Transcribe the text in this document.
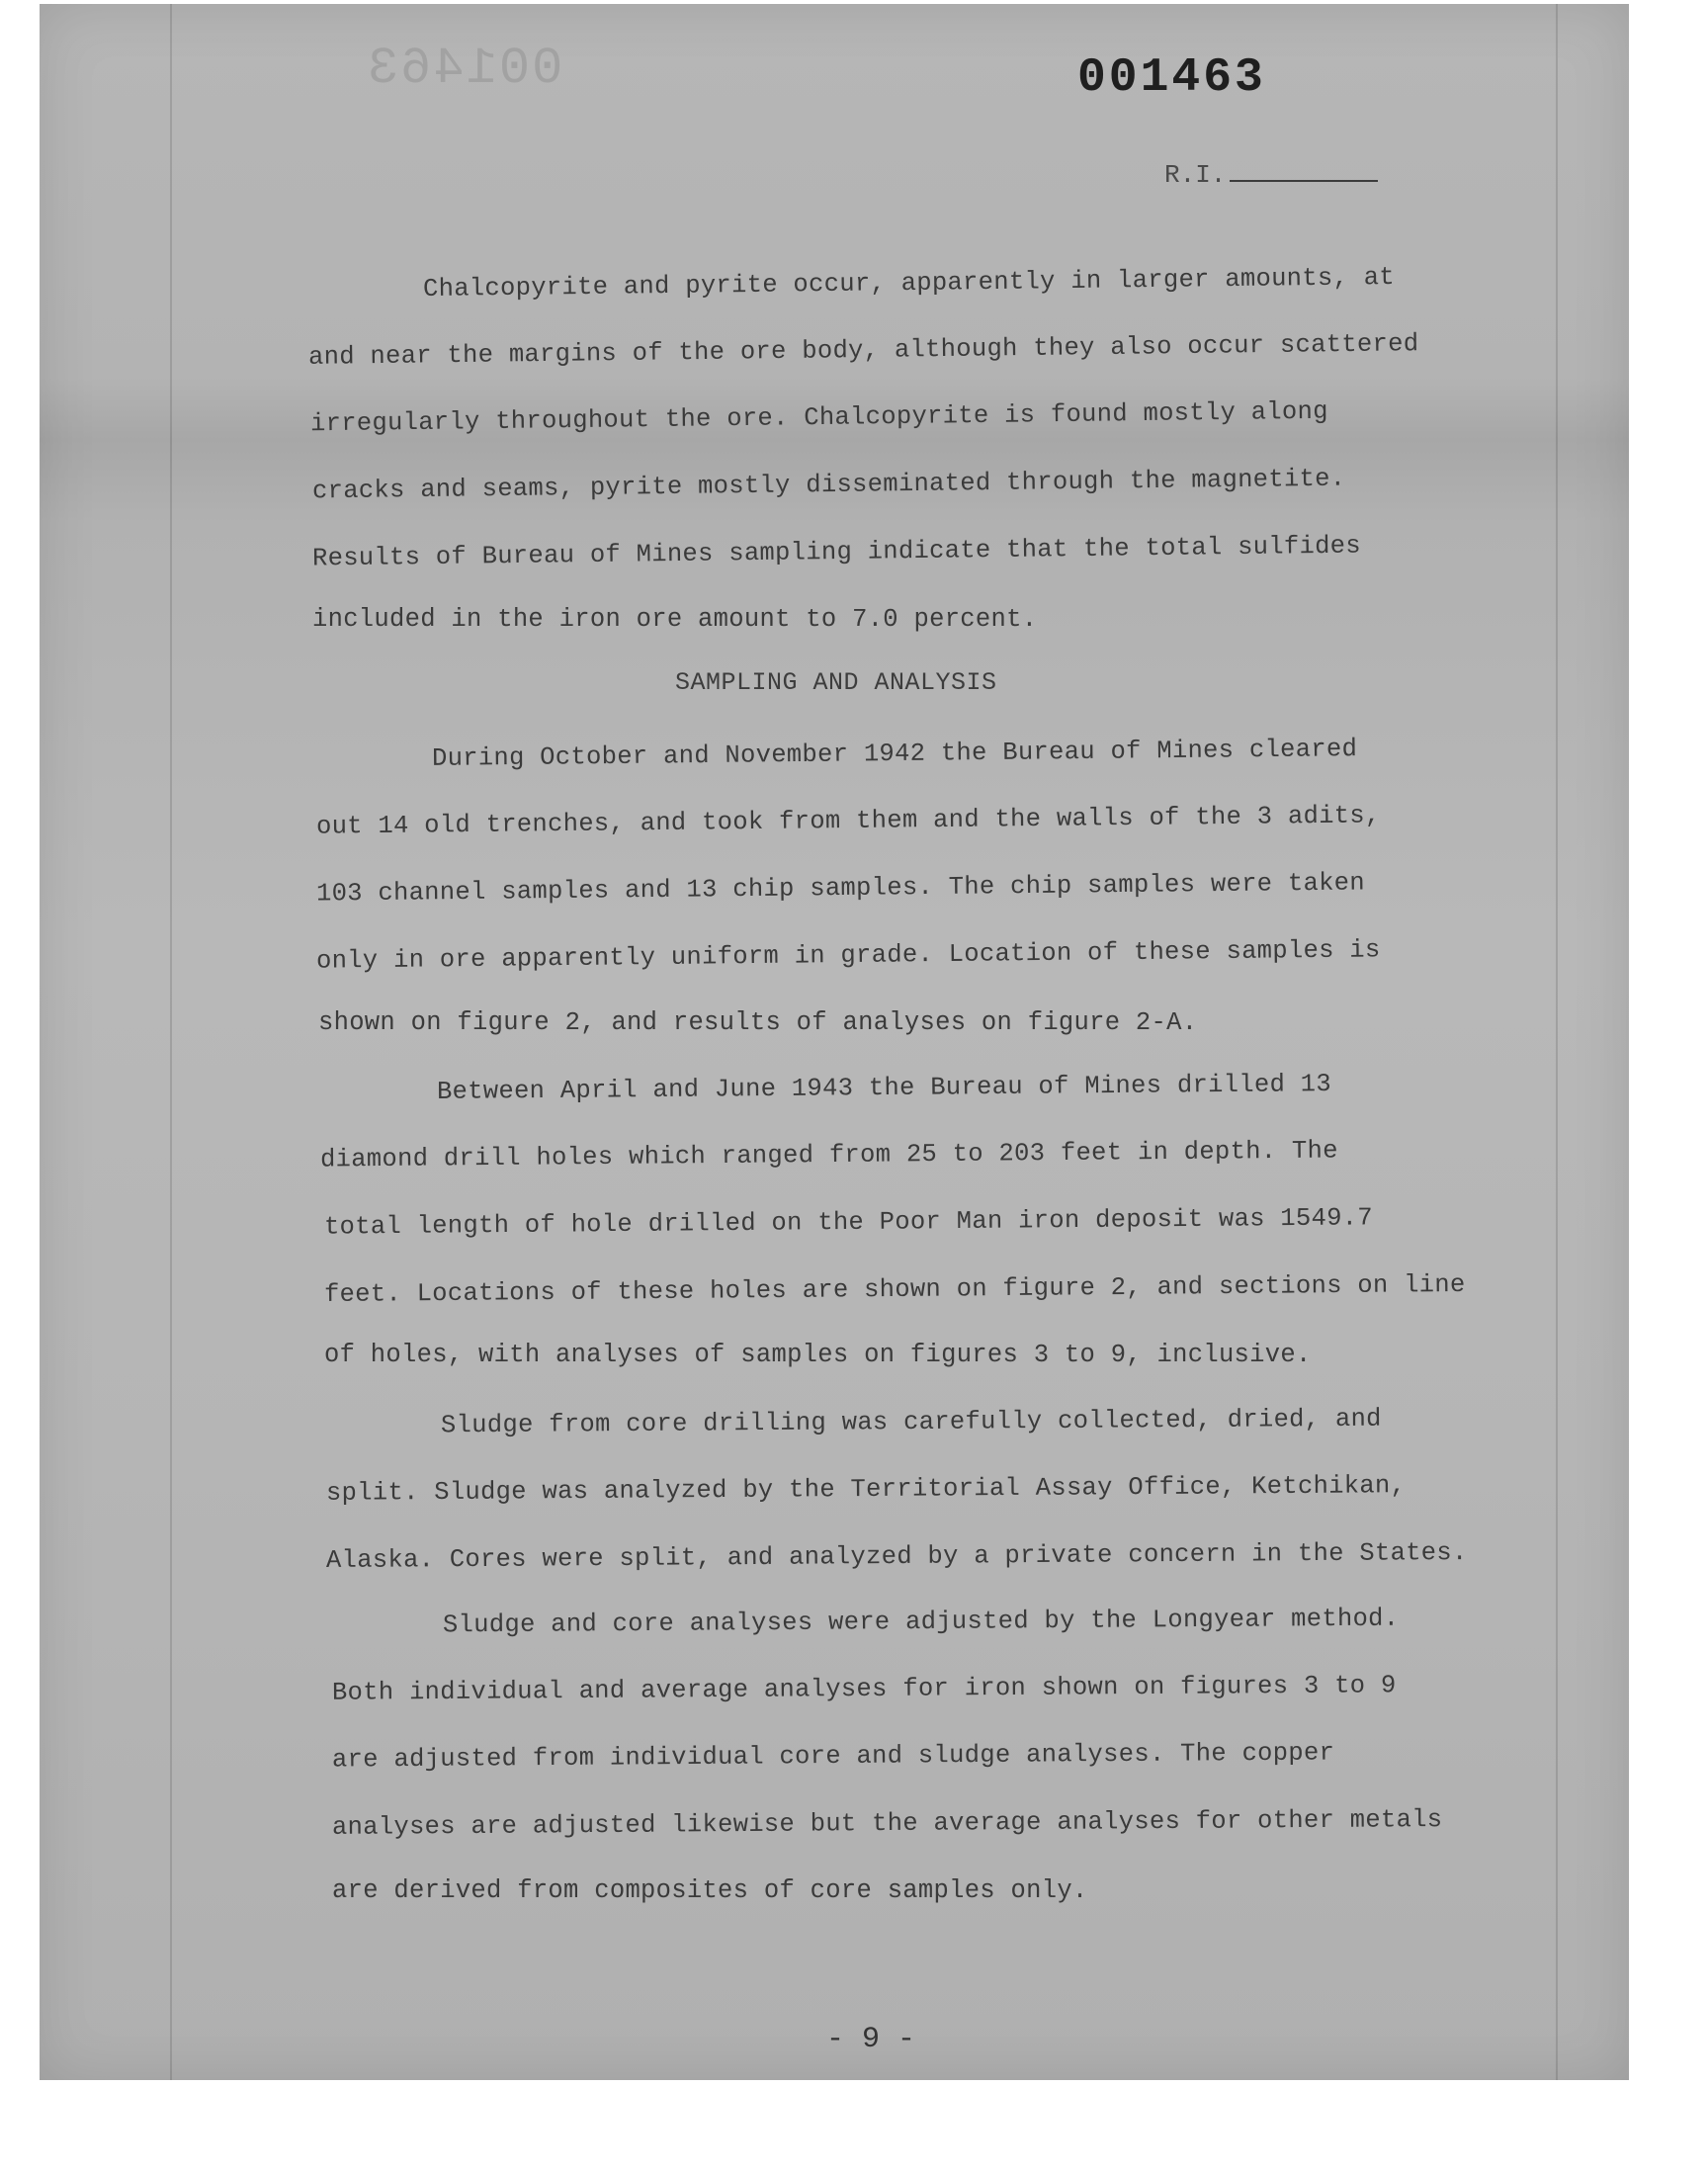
001463	001463
R.I.
Chalcopyrite and pyrite occur, apparently in larger amounts, at
and near the margins of the ore body, although they also occur scattered
irregularly throughout the ore. Chalcopyrite is found mostly along
cracks and seams, pyrite mostly disseminated through the magnetite.
Results of Bureau of Mines sampling indicate that the total sulfides
included in the iron ore amount to 7.0 percent.
SAMPLING AND ANALYSIS
During October and November 1942 the Bureau of Mines cleared
out 14 old trenches, and took from them and the walls of the 3 adits,
103 channel samples and 13 chip samples. The chip samples were taken
only in ore apparently uniform in grade. Location of these samples is
shown on figure 2, and results of analyses on figure 2-A.
Between April and June 1943 the Bureau of Mines drilled 13
diamond drill holes which ranged from 25 to 203 feet in depth. The
total length of hole drilled on the Poor Man iron deposit was 1549.7
feet. Locations of these holes are shown on figure 2, and sections on line
of holes, with analyses of samples on figures 3 to 9, inclusive.
Sludge from core drilling was carefully collected, dried, and
split. Sludge was analyzed by the Territorial Assay Office, Ketchikan,
Alaska. Cores were split, and analyzed by a private concern in the States.
Sludge and core analyses were adjusted by the Longyear method.
Both individual and average analyses for iron shown on figures 3 to 9
are adjusted from individual core and sludge analyses. The copper
analyses are adjusted likewise but the average analyses for other metals
are derived from composites of core samples only.
- 9 -
